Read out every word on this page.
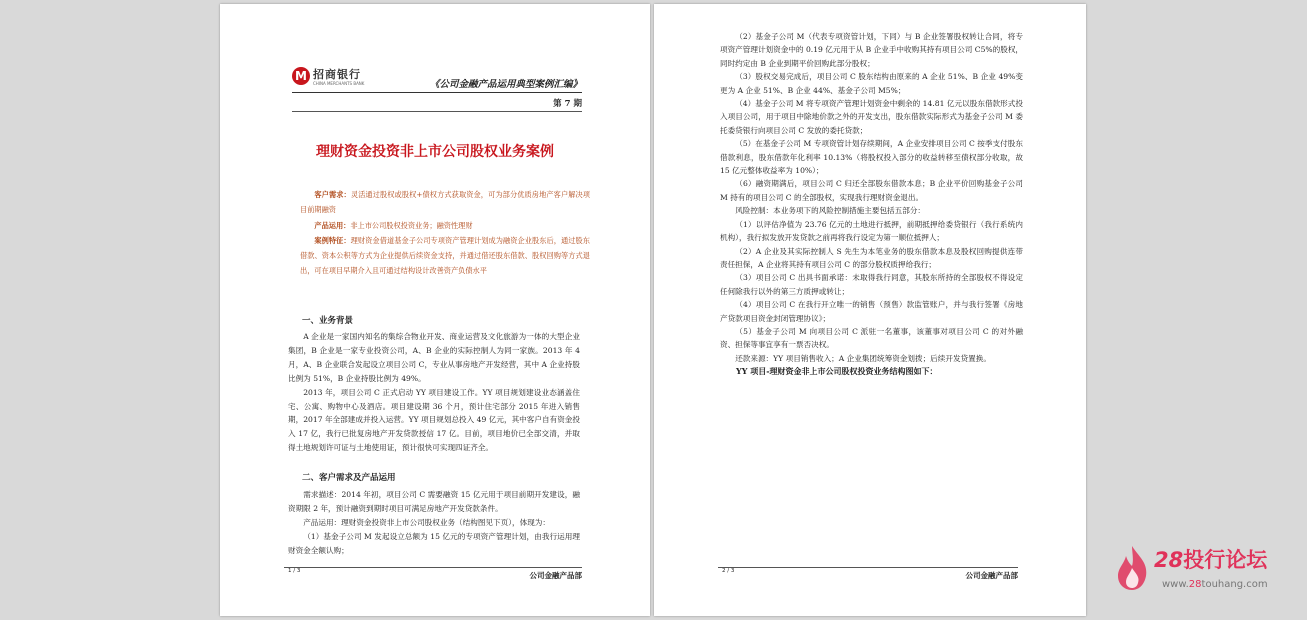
M 招商银行
CHINA MERCHANTS BANK	《公司金融产品运用典型案例汇编》
第 7 期
理财资金投资非上市公司股权业务案例

客户需求：灵活通过股权或股权+债权方式获取资金，可为部分优质房地产客户解决项目前期融资

产品运用：非上市公司股权投资业务；融资性理财

案例特征：理财资金借道基金子公司专项资产管理计划成为融资企业股东后，通过股东借款、资本公积等方式为企业提供后续资金支持，并通过借还股东借款、股权回购等方式退出，可在项目早期介入且可通过结构设计改善资产负债水平

一、业务背景

A 企业是一家国内知名的集综合物业开发、商业运营及文化旅游为一体的大型企业集团，B 企业是一家专业投资公司，A、B 企业的实际控制人为同一家族。2013 年 4 月，A、B 企业联合发起设立项目公司 C，专业从事房地产开发经营，其中 A 企业持股比例为 51%，B 企业持股比例为 49%。

2013 年，项目公司 C 正式启动 YY 项目建设工作。YY 项目规划建设业态涵盖住宅、公寓、购物中心及酒店。项目建设期 36 个月，预计住宅部分 2015 年进入销售期，2017 年全部建成并投入运营。YY 项目规划总投入 49 亿元，其中客户自有资金投入 17 亿，我行已批复房地产开发贷款授信 17 亿。目前，项目地价已全部交清，并取得土地规划许可证与土地使用证，预计很快可实现四证齐全。

二、客户需求及产品运用

需求描述：2014 年初，项目公司 C 需要融资 15 亿元用于项目前期开发建设，融资期限 2 年，预计融资到期时项目可满足房地产开发贷款条件。

产品运用：理财资金投资非上市公司股权业务（结构图见下页），体现为：

（1）基金子公司 M 发起设立总额为 15 亿元的专项资产管理计划，由我行运用理财资金全额认购；

1 / 3	公司金融产品部

（2）基金子公司 M（代表专项资管计划，下同）与 B 企业签署股权转让合同，将专项资产管理计划资金中的 0.19 亿元用于从 B 企业手中收购其持有项目公司 C5%的股权，同时约定由 B 企业到期平价回购此部分股权；

（3）股权交易完成后，项目公司 C 股东结构由原来的 A 企业 51%、B 企业 49%变更为 A 企业 51%、B 企业 44%、基金子公司 M5%；

（4）基金子公司 M 将专项资产管理计划资金中剩余的 14.81 亿元以股东借款形式投入项目公司，用于项目中除地价款之外的开发支出，股东借款实际形式为基金子公司 M 委托委贷银行向项目公司 C 发放的委托贷款；

（5）在基金子公司 M 专项资管计划存续期间，A 企业安排项目公司 C 按季支付股东借款利息，股东借款年化利率 10.13%（将股权投入部分的收益转移至债权部分收取，故 15 亿元整体收益率为 10%）；

（6）融资期满后，项目公司 C 归还全部股东借款本息；B 企业平价回购基金子公司 M 持有的项目公司 C 的全部股权，实现我行理财资金退出。

风险控制：本业务项下的风险控制措施主要包括五部分：

（1）以评估净值为 23.76 亿元的土地进行抵押，前期抵押给委贷银行（我行系统内机构），我行拟发放开发贷款之前再将我行设定为第一顺位抵押人；

（2）A 企业及其实际控制人 S 先生为本笔业务的股东借款本息及股权回购提供连带责任担保，A 企业将其持有项目公司 C 的部分股权质押给我行；

（3）项目公司 C 出具书面承诺：未取得我行同意，其股东所持的全部股权不得设定任何除我行以外的第三方质押或转让；

（4）项目公司 C 在我行开立唯一的销售（预售）款监管账户，并与我行签署《房地产贷款项目资金封闭管理协议》；

（5）基金子公司 M 向项目公司 C 派驻一名董事，该董事对项目公司 C 的对外融资、担保等事宜享有一票否决权。

还款来源：YY 项目销售收入；A 企业集团统筹资金划拨；后续开发贷置换。

YY 项目-理财资金非上市公司股权投资业务结构图如下：

2 / 3	公司金融产品部
28投行论坛
www.28touhang.com
